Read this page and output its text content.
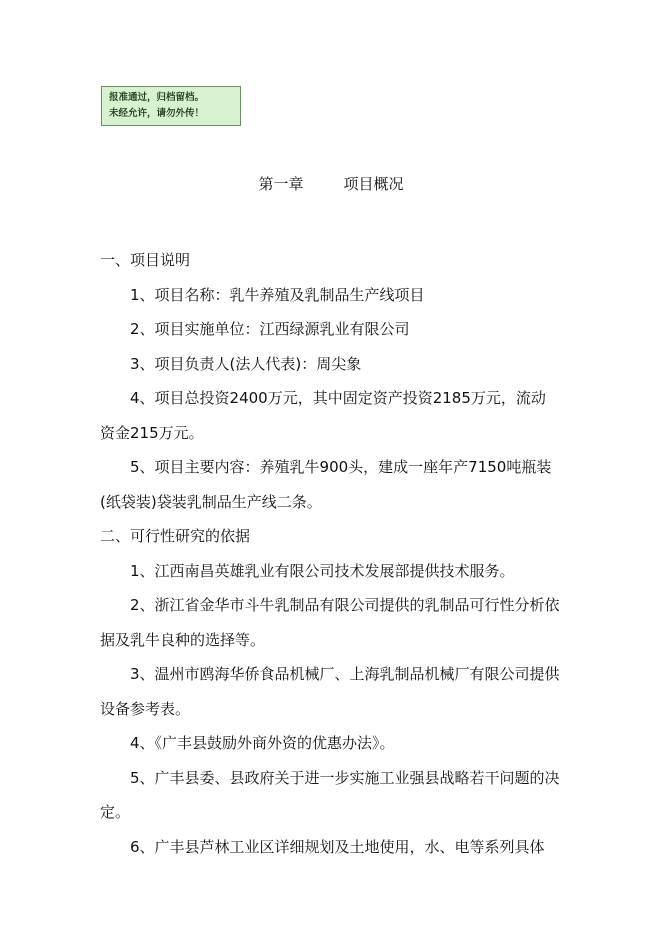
报准通过，归档留档。
未经允许，请勿外传！
第一章	项目概况

一、项目说明

1、项目名称：乳牛养殖及乳制品生产线项目

2、项目实施单位：江西绿源乳业有限公司

3、项目负责人(法人代表)：周尖象

4、项目总投资2400万元，其中固定资产投资2185万元，流动资金215万元。

5、项目主要内容：养殖乳牛900头，建成一座年产7150吨瓶装(纸袋装)袋装乳制品生产线二条。

二、可行性研究的依据

1、江西南昌英雄乳业有限公司技术发展部提供技术服务。

2、浙江省金华市斗牛乳制品有限公司提供的乳制品可行性分析依据及乳牛良种的选择等。

3、温州市鸥海华侨食品机械厂、上海乳制品机械厂有限公司提供设备参考表。

4、《广丰县鼓励外商外资的优惠办法》。

5、广丰县委、县政府关于进一步实施工业强县战略若干问题的决定。

6、广丰县芦林工业区详细规划及土地使用，水、电等系列具体
